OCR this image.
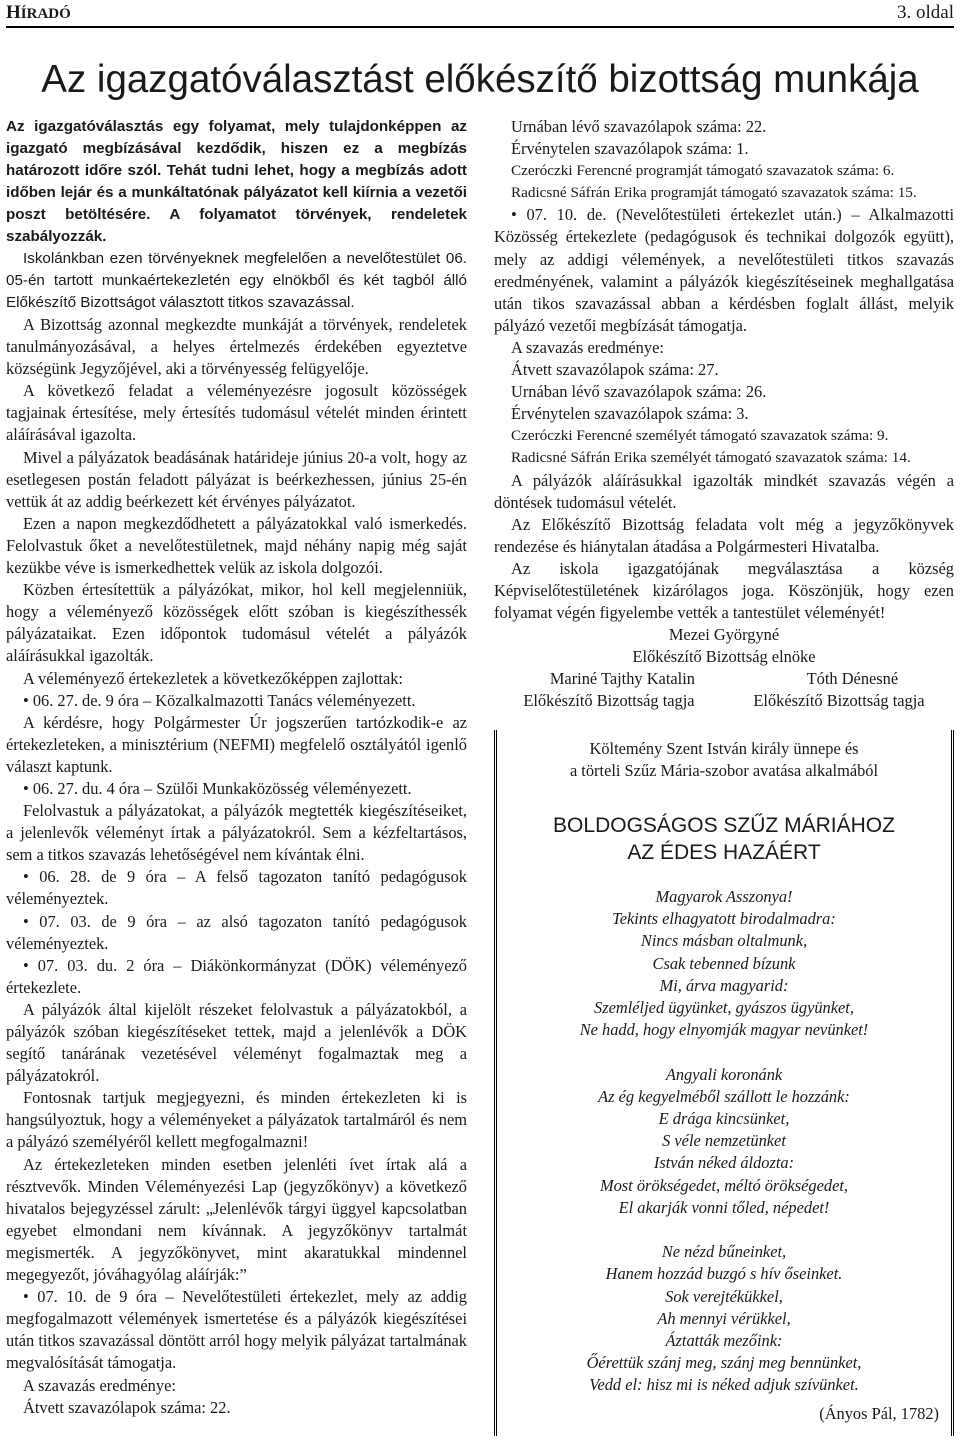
HÍRADÓ	3. oldal
Az igazgatóválasztást előkészítő bizottság munkája

Az igazgatóválasztás egy folyamat, mely tulajdonképpen az igazgató megbízásával kezdődik, hiszen ez a megbízás határozott időre szól. Tehát tudni lehet, hogy a megbízás adott időben lejár és a munkáltatónak pályázatot kell kiírnia a vezetői poszt betöltésére. A folyamatot törvények, rendeletek szabályozzák.

Iskolánkban ezen törvényeknek megfelelően a nevelőtestület 06. 05-én tartott munkaértekezletén egy elnökből és két tagból álló Előkészítő Bizottságot választott titkos szavazással.

A Bizottság azonnal megkezdte munkáját a törvények, rendeletek tanulmányozásával, a helyes értelmezés érdekében egyeztetve községünk Jegyzőjével, aki a törvényesség felügyelője.

A következő feladat a véleményezésre jogosult közösségek tagjainak értesítése, mely értesítés tudomásul vételét minden érintett aláírásával igazolta.

Mivel a pályázatok beadásának határideje június 20-a volt, hogy az esetlegesen postán feladott pályázat is beérkezhessen, június 25-én vettük át az addig beérkezett két érvényes pályázatot.

Ezen a napon megkezdődhetett a pályázatokkal való ismerkedés. Felolvastuk őket a nevelőtestületnek, majd néhány napig még saját kezükbe véve is ismerkedhettek velük az iskola dolgozói.

Közben értesítettük a pályázókat, mikor, hol kell megjelenniük, hogy a véleményező közösségek előtt szóban is kiegészíthessék pályázataikat. Ezen időpontok tudomásul vételét a pályázók aláírásukkal igazolták.

A véleményező értekezletek a következőképpen zajlottak:

• 06. 27. de. 9 óra – Közalkalmazotti Tanács véleményezett.

A kérdésre, hogy Polgármester Úr jogszerűen tartózkodik-e az értekezleteken, a minisztérium (NEFMI) megfelelő osztályától igenlő választ kaptunk.

• 06. 27. du. 4 óra – Szülői Munkaközösség véleményezett.

Felolvastuk a pályázatokat, a pályázók megtették kiegészítéseiket, a jelenlevők véleményt írtak a pályázatokról. Sem a kézfeltartásos, sem a titkos szavazás lehetőségével nem kívántak élni.

• 06. 28. de 9 óra – A felső tagozaton tanító pedagógusok véleményeztek.

• 07. 03. de 9 óra – az alsó tagozaton tanító pedagógusok véleményeztek.

• 07. 03. du. 2 óra – Diákönkormányzat (DÖK) véleményező értekezlete.

A pályázók által kijelölt részeket felolvastuk a pályázatokból, a pályázók szóban kiegészítéseket tettek, majd a jelenlévők a DÖK segítő tanárának vezetésével véleményt fogalmaztak meg a pályázatokról.

Fontosnak tartjuk megjegyezni, és minden értekezleten ki is hangsúlyoztuk, hogy a véleményeket a pályázatok tartalmáról és nem a pályázó személyéről kellett megfogalmazni!

Az értekezleteken minden esetben jelenléti ívet írtak alá a résztvevők. Minden Véleményezési Lap (jegyzőkönyv) a következő hivatalos bejegyzéssel zárult: „Jelenlévők tárgyi üggyel kapcsolatban egyebet elmondani nem kívánnak. A jegyzőkönyv tartalmát megismerték. A jegyzőkönyvet, mint akaratukkal mindennel megegyezőt, jóváhagyólag aláírják:”

• 07. 10. de 9 óra – Nevelőtestületi értekezlet, mely az addig megfogalmazott vélemények ismertetése és a pályázók kiegészítései után titkos szavazással döntött arról hogy melyik pályázat tartalmának megvalósítását támogatja.

A szavazás eredménye:

Átvett szavazólapok száma: 22.

Urnában lévő szavazólapok száma: 22.

Érvénytelen szavazólapok száma: 1.

Czeróczki Ferencné programját támogató szavazatok száma: 6.

Radicsné Sáfrán Erika programját támogató szavazatok száma: 15.

• 07. 10. de. (Nevelőtestületi értekezlet után.) – Alkalmazotti Közösség értekezlete (pedagógusok és technikai dolgozók együtt), mely az addigi vélemények, a nevelőtestületi titkos szavazás eredményének, valamint a pályázók kiegészítéseinek meghallgatása után tikos szavazással abban a kérdésben foglalt állást, melyik pályázó vezetői megbízását támogatja.

A szavazás eredménye:

Átvett szavazólapok száma: 27.

Urnában lévő szavazólapok száma: 26.

Érvénytelen szavazólapok száma: 3.

Czeróczki Ferencné személyét támogató szavazatok száma: 9.

Radicsné Sáfrán Erika személyét támogató szavazatok száma: 14.

A pályázók aláírásukkal igazolták mindkét szavazás végén a döntések tudomásul vételét.

Az Előkészítő Bizottság feladata volt még a jegyzőkönyvek rendezése és hiánytalan átadása a Polgármesteri Hivatalba.

Az iskola igazgatójának megválasztása a község Képviselőtestületének kizárólagos joga. Köszönjük, hogy ezen folyamat végén figyelembe vették a tantestület véleményét!

Mezei Györgyné

Előkészítő Bizottság elnöke

Mariné Tajthy Katalin	Tóth Dénesné
Előkészítő Bizottság tagja	Előkészítő Bizottság tagja
Költemény Szent István király ünnepe és
a törteli Szűz Mária-szobor avatása alkalmából
BOLDOGSÁGOS SZŰZ MÁRIÁHOZ
AZ ÉDES HAZÁÉRT
Magyarok Asszonya!
Tekints elhagyatott birodalmadra:
Nincs másban oltalmunk,
Csak tebenned bízunk
Mi, árva magyarid:
Szemléljed ügyünket, gyászos ügyünket,
Ne hadd, hogy elnyomják magyar nevünket!
Angyali koronánk
Az ég kegyelméből szállott le hozzánk:
E drága kincsünket,
S véle nemzetünket
István néked áldozta:
Most örökségedet, méltó örökségedet,
El akarják vonni tőled, népedet!
Ne nézd bűneinket,
Hanem hozzád buzgó s hív őseinket.
Sok verejtékükkel,
Ah mennyi vérükkel,
Áztatták mezőink:
Őérettük szánj meg, szánj meg bennünket,
Vedd el: hisz mi is néked adjuk szívünket.
(Ányos Pál, 1782)
